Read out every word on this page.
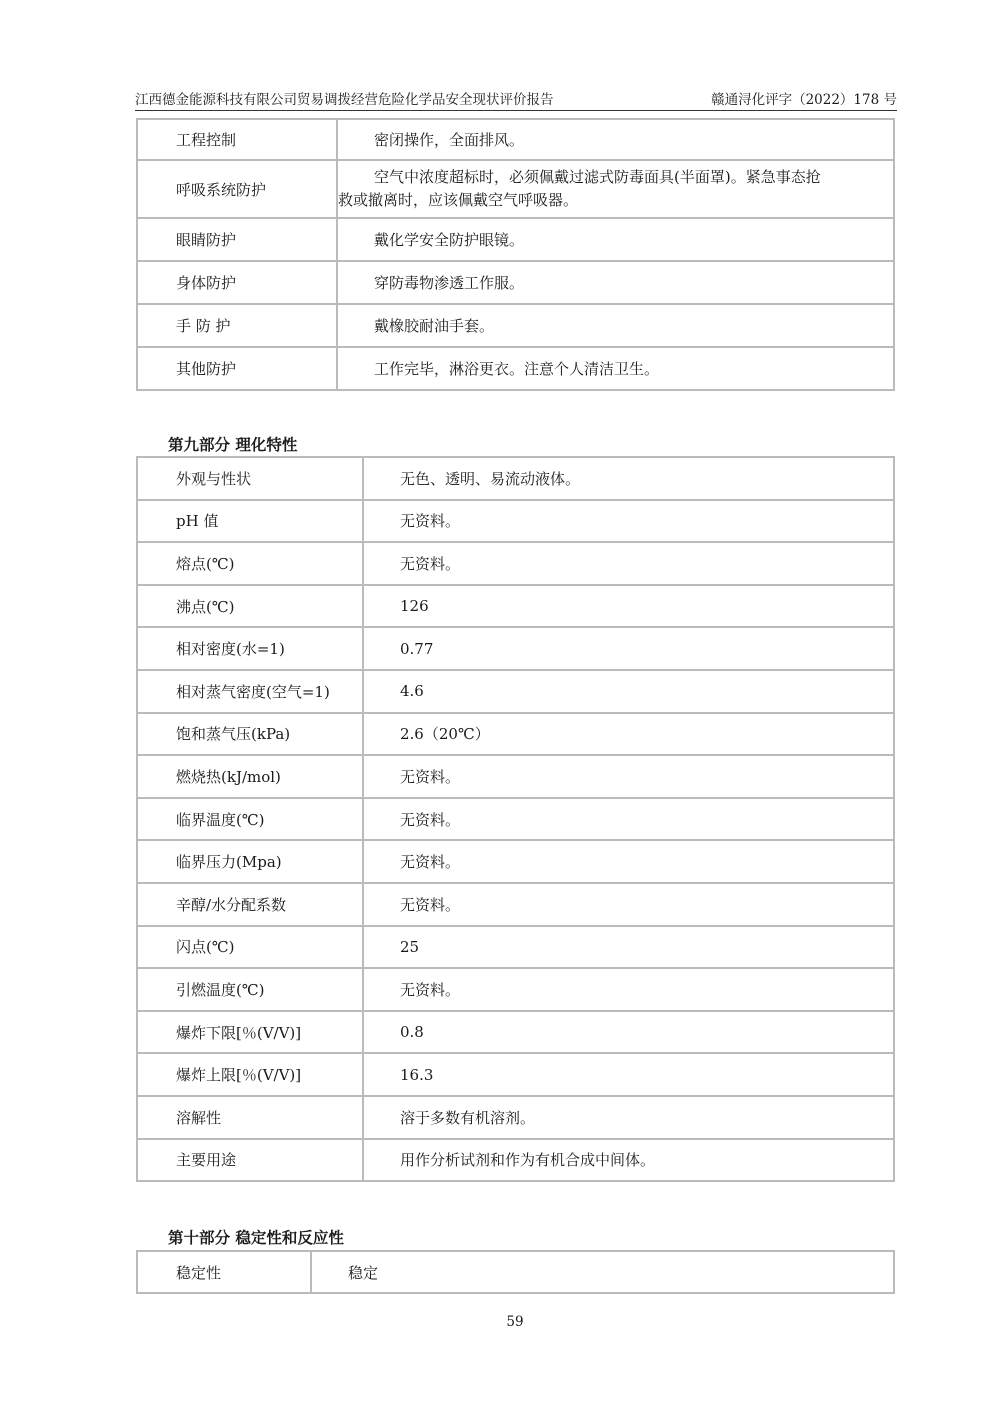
江西德金能源科技有限公司贸易调拨经营危险化学品安全现状评价报告	赣通浔化评字（2022）178 号
工程控制	密闭操作，全面排风。
呼吸系统防护	空气中浓度超标时，必须佩戴过滤式防毒面具(半面罩)。紧急事态抢
救或撤离时，应该佩戴空气呼吸器。

眼睛防护	戴化学安全防护眼镜。
身体防护	穿防毒物渗透工作服。
手 防 护	戴橡胶耐油手套。
其他防护	工作完毕，淋浴更衣。注意个人清洁卫生。
第九部分 理化特性
外观与性状	无色、透明、易流动液体。
pH 值	无资料。
熔点(℃)	无资料。
沸点(℃)	126
相对密度(水=1)	0.77
相对蒸气密度(空气=1)	4.6
饱和蒸气压(kPa)	2.6（20℃）
燃烧热(kJ/mol)	无资料。
临界温度(℃)	无资料。
临界压力(Mpa)	无资料。
辛醇/水分配系数	无资料。
闪点(℃)	25
引燃温度(℃)	无资料。
爆炸下限[％(V/V)]	0.8
爆炸上限[％(V/V)]	16.3
溶解性	溶于多数有机溶剂。
主要用途	用作分析试剂和作为有机合成中间体。
第十部分 稳定性和反应性
稳定性	稳定
59
